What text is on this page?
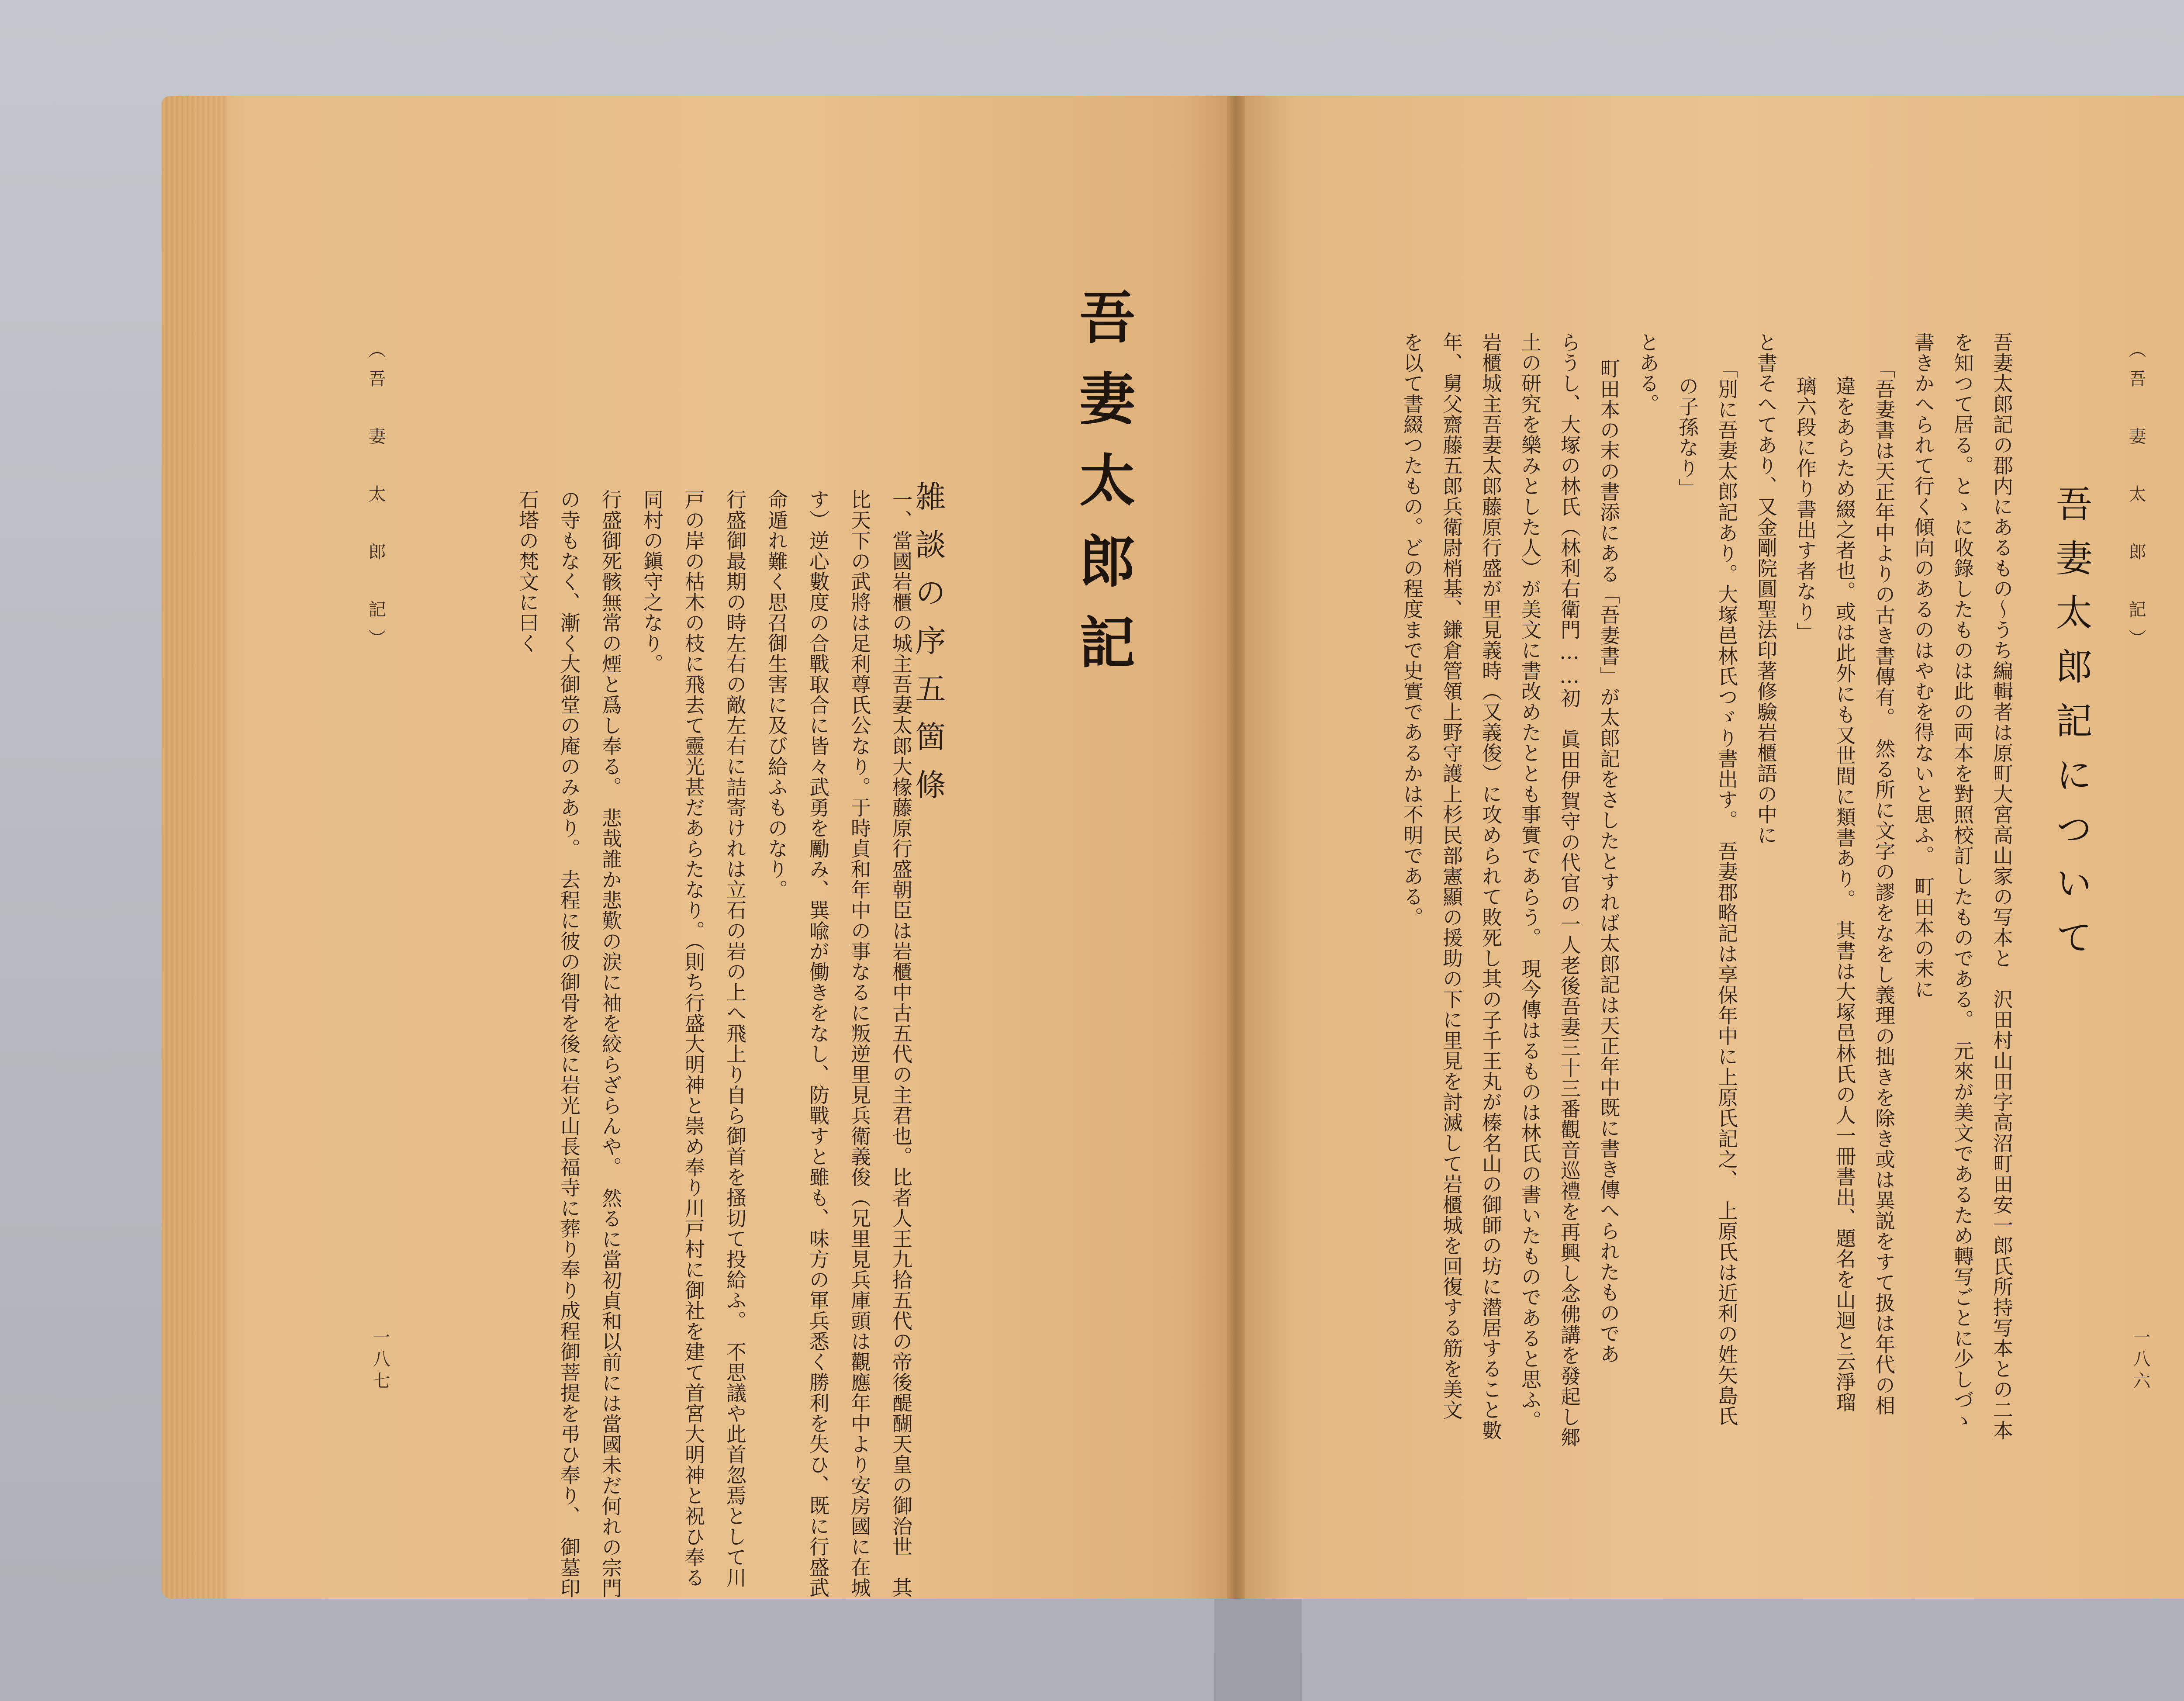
吾妻太郎記
雑談の序五箇條
一、當國岩櫃の城主吾妻太郎大椽藤原行盛朝臣は岩櫃中古五代の主君也。比者人王九拾五代の帝後醍醐天皇の御治世　其
比天下の武將は足利尊氏公なり。于時貞和年中の事なるに叛逆里見兵衛義俊（兄里見兵庫頭は觀應年中より安房國に在城
す）逆心數度の合戰取合に皆々武勇を勵み、巽喩が働きをなし、防戰すと雖も、味方の軍兵悉く勝利を失ひ、既に行盛武
命遁れ難く思召御生害に及び給ふものなり。
行盛御最期の時左右の敵左右に詰寄けれは立石の岩の上へ飛上り自ら御首を搔切て投給ふ。　不思議や此首忽焉として川
戸の岸の枯木の枝に飛去て靈光甚だあらたなり。（則ち行盛大明神と崇め奉り川戸村に御社を建て首宮大明神と祝ひ奉る
同村の鎭守之なり。
行盛御死骸無常の煙と爲し奉る。　悲哉誰か悲歎の涙に袖を絞らざらんや。　然るに當初貞和以前には當國未だ何れの宗門
の寺もなく、漸く大御堂の庵のみあり。　去程に彼の御骨を後に岩光山長福寺に葬り奉り成程御菩提を弔ひ奉り、　御墓印
石塔の梵文に曰く
（吾　妻　太　郎　記）
一八七
（吾　妻　太　郎　記）
吾妻太郎記について
吾妻太郎記の郡内にあるもの～うち編輯者は原町大宮高山家の写本と　沢田村山田字高沼町田安一郎氏所持写本との二本
を知つて居る。とゝに收錄したものは此の両本を對照校訂したものである。　元來が美文であるため轉写ごとに少しづゝ
書きかへられて行く傾向のあるのはやむを得ないと思ふ。　町田本の末に
「吾妻書は天正年中よりの古き書傳有。　然る所に文字の謬をなをし義理の拙きを除き或は異説をすて扱は年代の相
違をあらため綴之者也。或は此外にも又世間に類書あり。　其書は大塚邑林氏の人一冊書出、題名を山迴と云淨瑠
璃六段に作り書出す者なり」
と書そへてあり、又金剛院圓聖法印著修驗岩櫃語の中に
「別に吾妻太郎記あり。大塚邑林氏つゞり書出す。　吾妻郡略記は享保年中に上原氏記之、　上原氏は近利の姓矢島氏
の子孫なり」
とある。
町田本の末の書添にある「吾妻書」が太郎記をさしたとすれば太郎記は天正年中既に書き傳へられたものであ
らうし、大塚の林氏（林利右衛門……初　眞田伊賀守の代官の一人老後吾妻三十三番觀音巡禮を再興し念佛講を發起し郷
土の研究を樂みとした人）が美文に書改めたととも事實であらう。　現今傳はるものは林氏の書いたものであると思ふ。
岩櫃城主吾妻太郎藤原行盛が里見義時（又義俊）に攻められて敗死し其の子千王丸が榛名山の御師の坊に潜居すること數
年、舅父齋藤五郎兵衛尉梢基、鎌倉管領上野守護上杉民部憲顯の援助の下に里見を討滅して岩櫃城を回復する筋を美文
を以て書綴つたもの。どの程度まで史實であるかは不明である。
一八六
